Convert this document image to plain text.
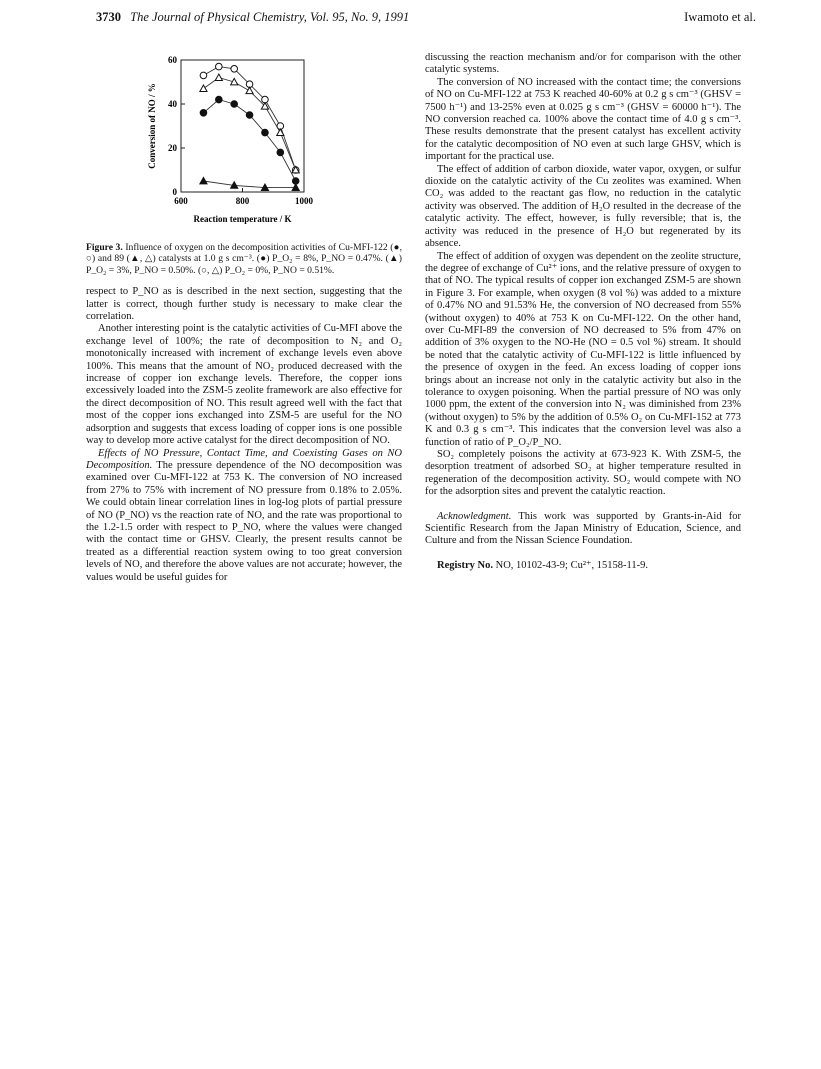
3730 The Journal of Physical Chemistry, Vol. 95, No. 9, 1991	Iwamoto et al.
600	800	1000
0
20
40
60
Reaction temperature / K
Conversion of NO / %
Figure 3. Influence of oxygen on the decomposition activities of Cu-MFI-122 (●, ○) and 89 (▲, △) catalysts at 1.0 g s cm⁻³. (●) P_O₂ = 8%, P_NO = 0.47%. (▲) P_O₂ = 3%, P_NO = 0.50%. (○, △) P_O₂ = 0%, P_NO = 0.51%.

respect to P_NO as is described in the next section, suggesting that the latter is correct, though further study is necessary to make clear the correlation.

Another interesting point is the catalytic activities of Cu-MFI above the exchange level of 100%; the rate of decomposition to N₂ and O₂ monotonically increased with increment of exchange levels even above 100%. This means that the amount of NO₂ produced decreased with the increase of copper ion exchange levels. Therefore, the copper ions excessively loaded into the ZSM-5 zeolite framework are also effective for the direct decomposition of NO. This result agreed well with the fact that most of the copper ions exchanged into ZSM-5 are useful for the NO adsorption and suggests that excess loading of copper ions is one possible way to develop more active catalyst for the direct decomposition of NO.

Effects of NO Pressure, Contact Time, and Coexisting Gases on NO Decomposition. The pressure dependence of the NO decomposition was examined over Cu-MFI-122 at 753 K. The conversion of NO increased from 27% to 75% with increment of NO pressure from 0.18% to 2.05%. We could obtain linear correlation lines in log-log plots of partial pressure of NO (P_NO) vs the reaction rate of NO, and the rate was proportional to the 1.2-1.5 order with respect to P_NO, where the values were changed with the contact time or GHSV. Clearly, the present results cannot be treated as a differential reaction system owing to too great conversion levels of NO, and therefore the above values are not accurate; however, the values would be useful guides for

discussing the reaction mechanism and/or for comparison with the other catalytic systems.

The conversion of NO increased with the contact time; the conversions of NO on Cu-MFI-122 at 753 K reached 40-60% at 0.2 g s cm⁻³ (GHSV = 7500 h⁻¹) and 13-25% even at 0.025 g s cm⁻³ (GHSV = 60000 h⁻¹). The NO conversion reached ca. 100% above the contact time of 4.0 g s cm⁻³. These results demonstrate that the present catalyst has excellent activity for the catalytic decomposition of NO even at such large GHSV, which is important for the practical use.

The effect of addition of carbon dioxide, water vapor, oxygen, or sulfur dioxide on the catalytic activity of the Cu zeolites was examined. When CO₂ was added to the reactant gas flow, no reduction in the catalytic activity was observed. The addition of H₂O resulted in the decrease of the catalytic activity. The effect, however, is fully reversible; that is, the activity was reduced in the presence of H₂O but regenerated by its absence.

The effect of addition of oxygen was dependent on the zeolite structure, the degree of exchange of Cu²⁺ ions, and the relative pressure of oxygen to that of NO. The typical results of copper ion exchanged ZSM-5 are shown in Figure 3. For example, when oxygen (8 vol %) was added to a mixture of 0.47% NO and 91.53% He, the conversion of NO decreased from 55% (without oxygen) to 40% at 753 K on Cu-MFI-122. On the other hand, over Cu-MFI-89 the conversion of NO decreased to 5% from 47% on addition of 3% oxygen to the NO-He (NO = 0.5 vol %) stream. It should be noted that the catalytic activity of Cu-MFI-122 is little influenced by the presence of oxygen in the feed. An excess loading of copper ions brings about an increase not only in the catalytic activity but also in the tolerance to oxygen poisoning. When the partial pressure of NO was only 1000 ppm, the extent of the conversion into N₂ was diminished from 23% (without oxygen) to 5% by the addition of 0.5% O₂ on Cu-MFI-152 at 773 K and 0.3 g s cm⁻³. This indicates that the conversion level was also a function of ratio of P_O₂/P_NO.

SO₂ completely poisons the activity at 673-923 K. With ZSM-5, the desorption treatment of adsorbed SO₂ at higher temperature resulted in regeneration of the decomposition activity. SO₂ would compete with NO for the adsorption sites and prevent the catalytic reaction.

Acknowledgment. This work was supported by Grants-in-Aid for Scientific Research from the Japan Ministry of Education, Science, and Culture and from the Nissan Science Foundation.

Registry No. NO, 10102-43-9; Cu²⁺, 15158-11-9.
